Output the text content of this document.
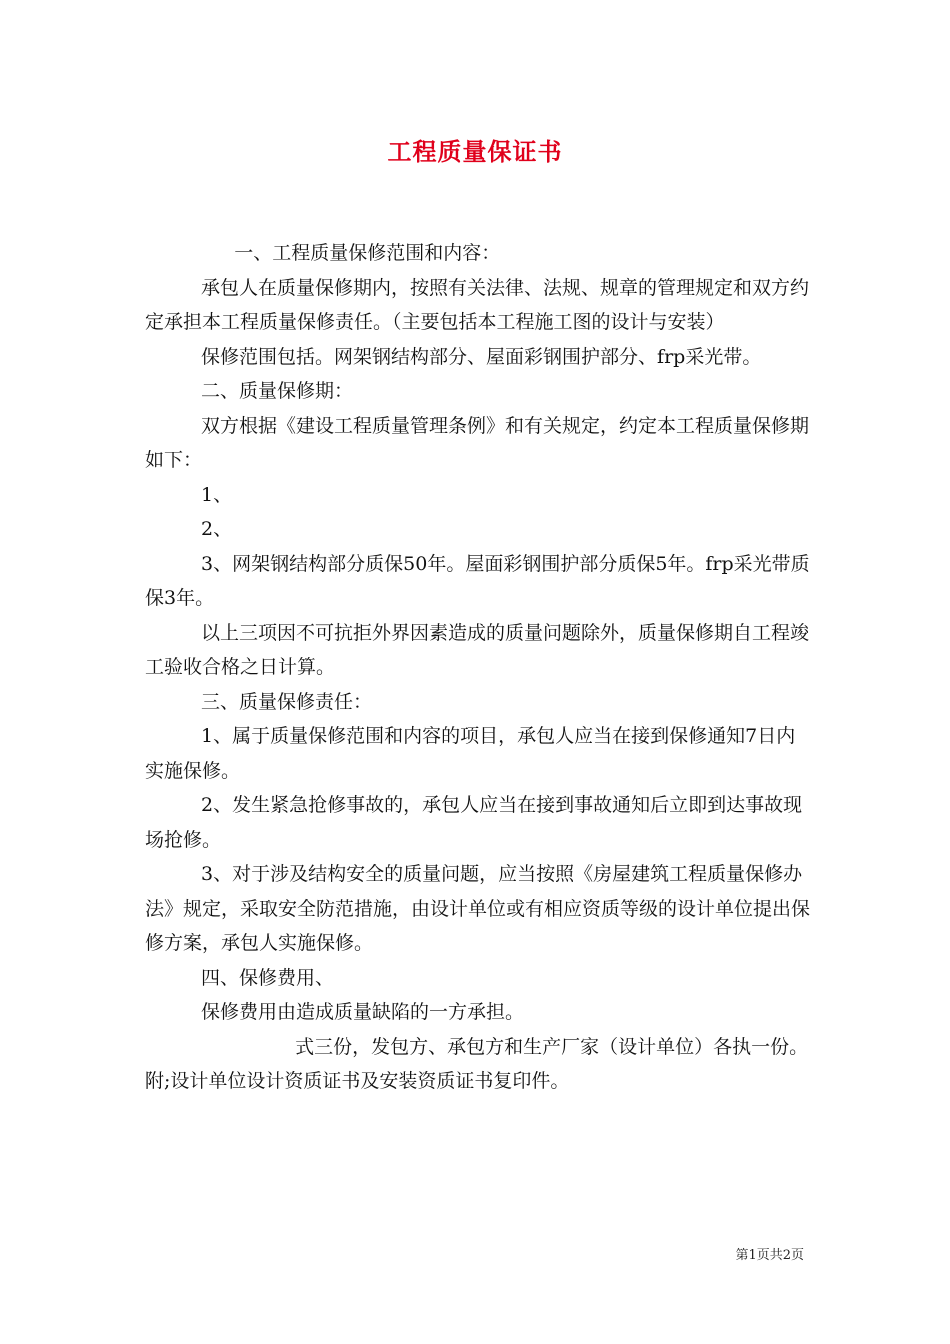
工程质量保证书

一、工程质量保修范围和内容：

承包人在质量保修期内，按照有关法律、法规、规章的管理规定和双方约定承担本工程质量保修责任。（主要包括本工程施工图的设计与安装）

保修范围包括。网架钢结构部分、屋面彩钢围护部分、frp采光带。

二、质量保修期：

双方根据《建设工程质量管理条例》和有关规定，约定本工程质量保修期如下：

1、

2、

3、网架钢结构部分质保50年。屋面彩钢围护部分质保5年。frp采光带质保3年。

以上三项因不可抗拒外界因素造成的质量问题除外，质量保修期自工程竣工验收合格之日计算。

三、质量保修责任：

1、属于质量保修范围和内容的项目，承包人应当在接到保修通知7日内实施保修。

2、发生紧急抢修事故的，承包人应当在接到事故通知后立即到达事故现场抢修。

3、对于涉及结构安全的质量问题，应当按照《房屋建筑工程质量保修办法》规定，采取安全防范措施，由设计单位或有相应资质等级的设计单位提出保修方案，承包人实施保修。

四、保修费用、

保修费用由造成质量缺陷的一方承担。

式三份，发包方、承包方和生产厂家（设计单位）各执一份。附;设计单位设计资质证书及安装资质证书复印件。

第1页共2页
